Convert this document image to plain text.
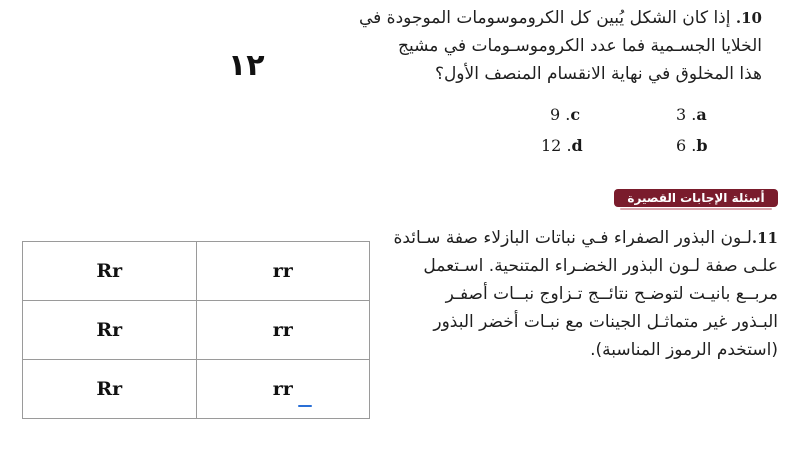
10. إذا كان الشكل يُبين كل الكروموسومات الموجودة في
الخلايا الجسـمية فما عدد الكروموسـومات في مشيج
هذا المخلوق في نهاية الانقسام المنصف الأول؟
3 .a
9 .c
6 .b
12 .d
١٢
أسئلة الإجابات القصيرة
11.لـون البذور الصفراء فـي نباتات البازلاء صفة سـائدة
علـى صفة لـون البذور الخضـراء المتنحية. اسـتعمل
مربــع بانيـت لتوضـح نتائــج تـزاوج نبــات أصفـر
البـذور غير متماثـل الجينات مع نبـات أخضر البذور
(استخدم الرموز المناسبة).
Rr	rr
Rr	rr
Rr	rr
